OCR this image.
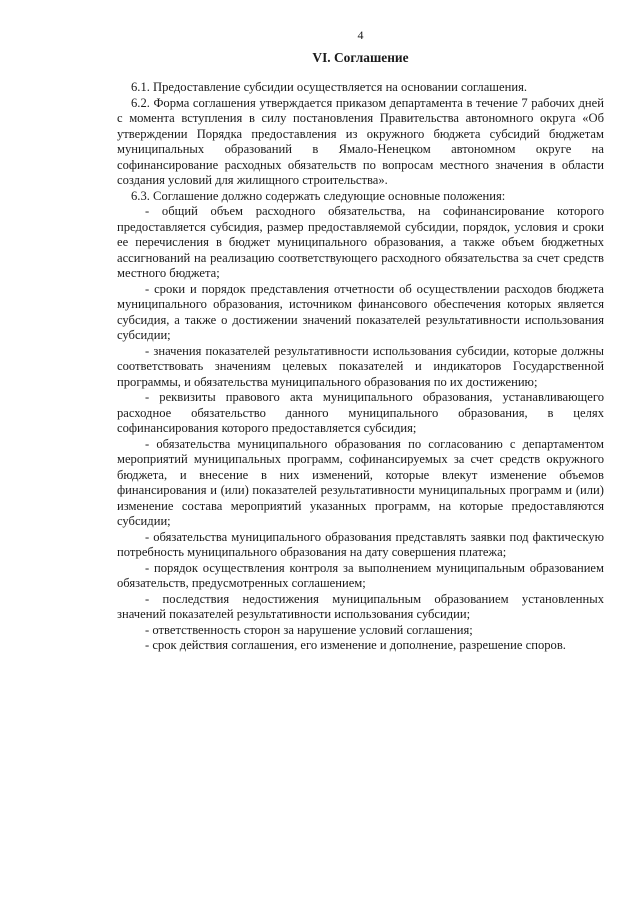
4
VI. Соглашение

6.1. Предоставление субсидии осуществляется на основании соглашения.

6.2. Форма соглашения утверждается приказом департамента в течение 7 рабочих дней с момента вступления в силу постановления Правительства автономного округа «Об утверждении Порядка предоставления из окружного бюджета субсидий бюджетам муниципальных образований в Ямало-Ненецком автономном округе на софинансирование расходных обязательств по вопросам местного значения в области создания условий для жилищного строительства».

6.3. Соглашение должно содержать следующие основные положения:

- общий объем расходного обязательства, на софинансирование которого предоставляется субсидия, размер предоставляемой субсидии, порядок, условия и сроки ее перечисления в бюджет муниципального образования, а также объем бюджетных ассигнований на реализацию соответствующего расходного обязательства за счет средств местного бюджета;

- сроки и порядок представления отчетности об осуществлении расходов бюджета муниципального образования, источником финансового обеспечения которых является субсидия, а также о достижении значений показателей результативности использования субсидии;

- значения показателей результативности использования субсидии, которые должны соответствовать значениям целевых показателей и индикаторов Государственной программы, и обязательства муниципального образования по их достижению;

- реквизиты правового акта муниципального образования, устанавливающего расходное обязательство данного муниципального образования, в целях софинансирования которого предоставляется субсидия;

- обязательства муниципального образования по согласованию с департаментом мероприятий муниципальных программ, софинансируемых за счет средств окружного бюджета, и внесение в них изменений, которые влекут изменение объемов финансирования и (или) показателей результативности муниципальных программ и (или) изменение состава мероприятий указанных программ, на которые предоставляются субсидии;

- обязательства муниципального образования представлять заявки под фактическую потребность муниципального образования на дату совершения платежа;

- порядок осуществления контроля за выполнением муниципальным образованием обязательств, предусмотренных соглашением;

- последствия недостижения муниципальным образованием установленных значений показателей результативности использования субсидии;

- ответственность сторон за нарушение условий соглашения;

- срок действия соглашения, его изменение и дополнение, разрешение споров.
